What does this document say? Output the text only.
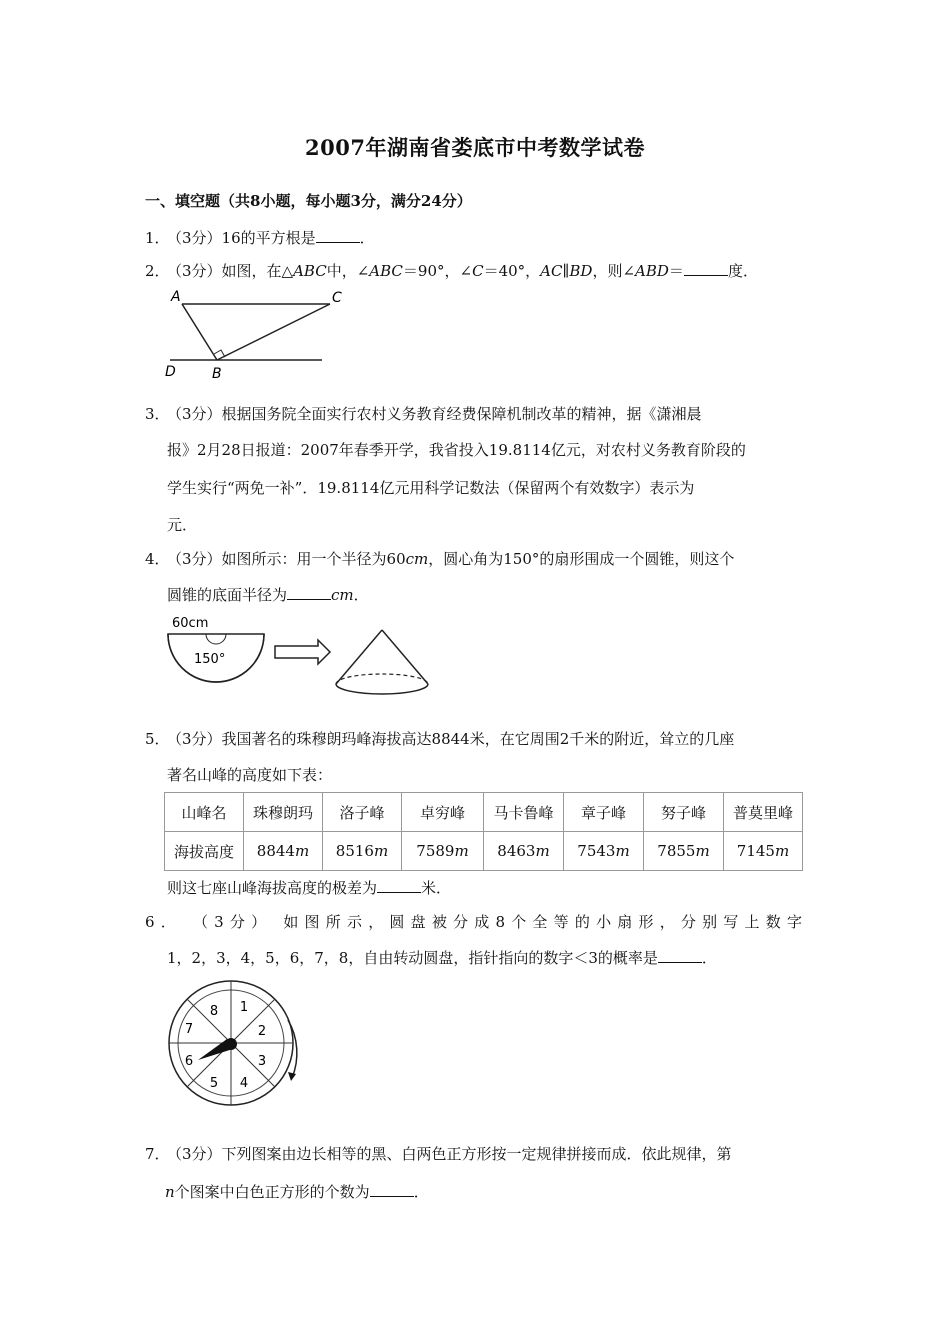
2007年湖南省娄底市中考数学试卷
一、填空题（共8小题，每小题3分，满分24分）
1．（3分）16的平方根是	．
2．（3分）如图，在△ABC中，∠ABC＝90°，∠C＝40°，AC∥BD，则∠ABD＝	度．
A	C
D	B
3．（3分）根据国务院全面实行农村义务教育经费保障机制改革的精神，据《潇湘晨
报》2月28日报道：2007年春季开学，我省投入19.8114亿元，对农村义务教育阶段的
学生实行“两免一补”．19.8114亿元用科学记数法（保留两个有效数字）表示为
元．
4．（3分）如图所示：用一个半径为60cm，圆心角为150°的扇形围成一个圆锥，则这个
圆锥的底面半径为	cm．
60cm
150°
5．（3分）我国著名的珠穆朗玛峰海拔高达8844米，在它周围2千米的附近，耸立的几座
著名山峰的高度如下表：
山峰名	珠穆朗玛	洛子峰	卓穷峰	马卡鲁峰	章子峰	努子峰	普莫里峰
海拔高度	8844m	8516m	7589m	8463m	7543m	7855m	7145m
则这七座山峰海拔高度的极差为	米．
6． （3分） 如图所示，圆盘被分成8个全等的小扇形，分别写上数字
1，2，3，4，5，6，7，8，自由转动圆盘，指针指向的数字＜3的概率是	．
1
2
3
4
5
6
7
8
7．（3分）下列图案由边长相等的黑、白两色正方形按一定规律拼接而成．依此规律，第
n个图案中白色正方形的个数为	．
